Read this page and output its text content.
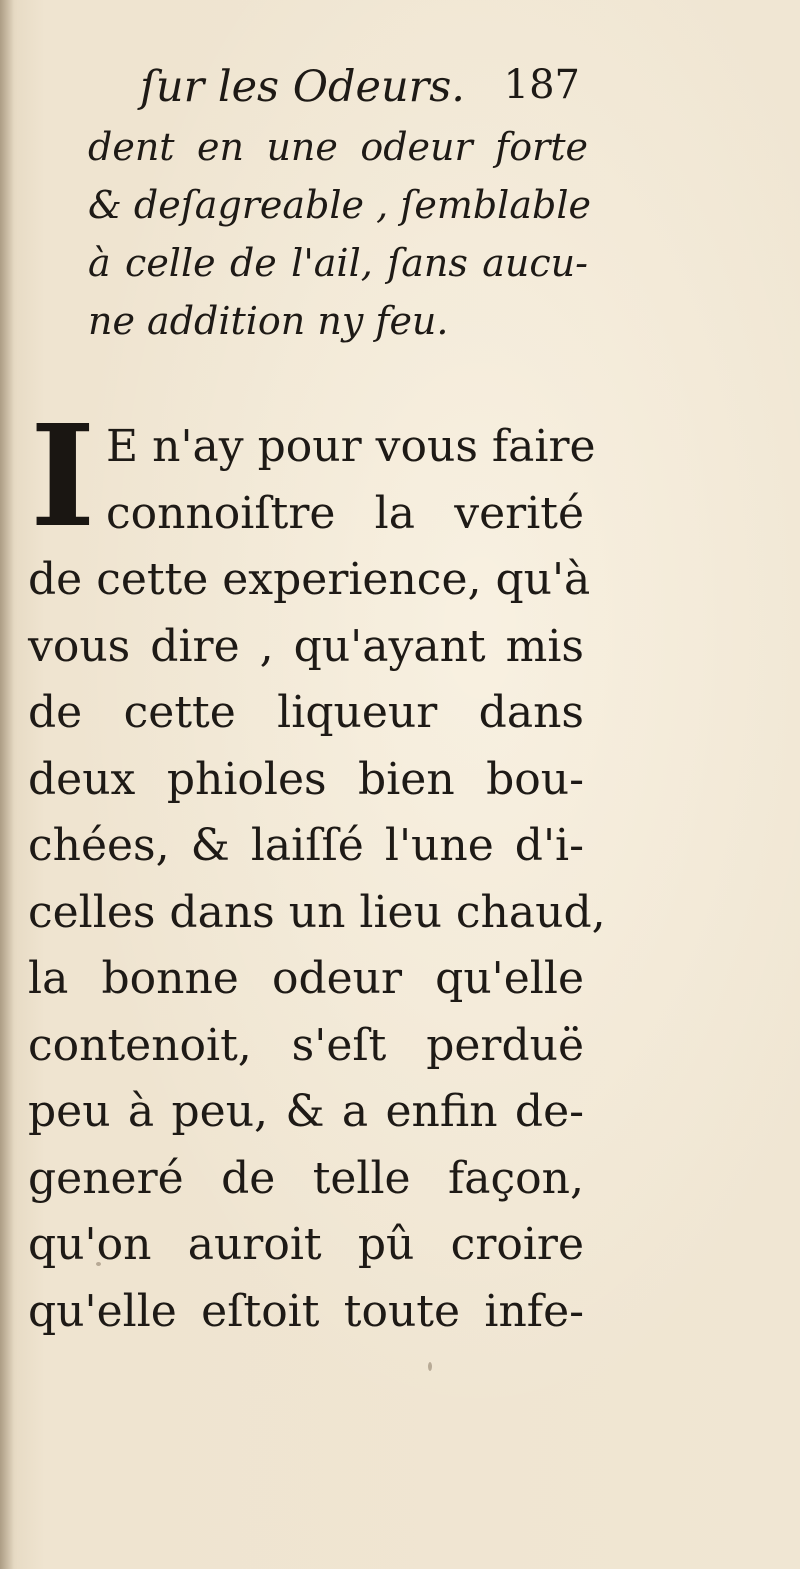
ſur les Odeurs. 187
dent en une odeur forte
& deſagreable , ſemblable
à celle de l'ail, ſans aucu-
ne addition ny feu.
I E n'ay pour vous faire
connoiſtre la verité
de cette experience, qu'à
vous dire , qu'ayant mis
de cette liqueur dans
deux phioles bien bou-
chées, & laiſſé l'une d'i-
celles dans un lieu chaud,
la bonne odeur qu'elle
contenoit, s'eſt perduë
peu à peu, & a enfin de-
generé de telle façon,
qu'on auroit pû croire
qu'elle eſtoit toute infe-
